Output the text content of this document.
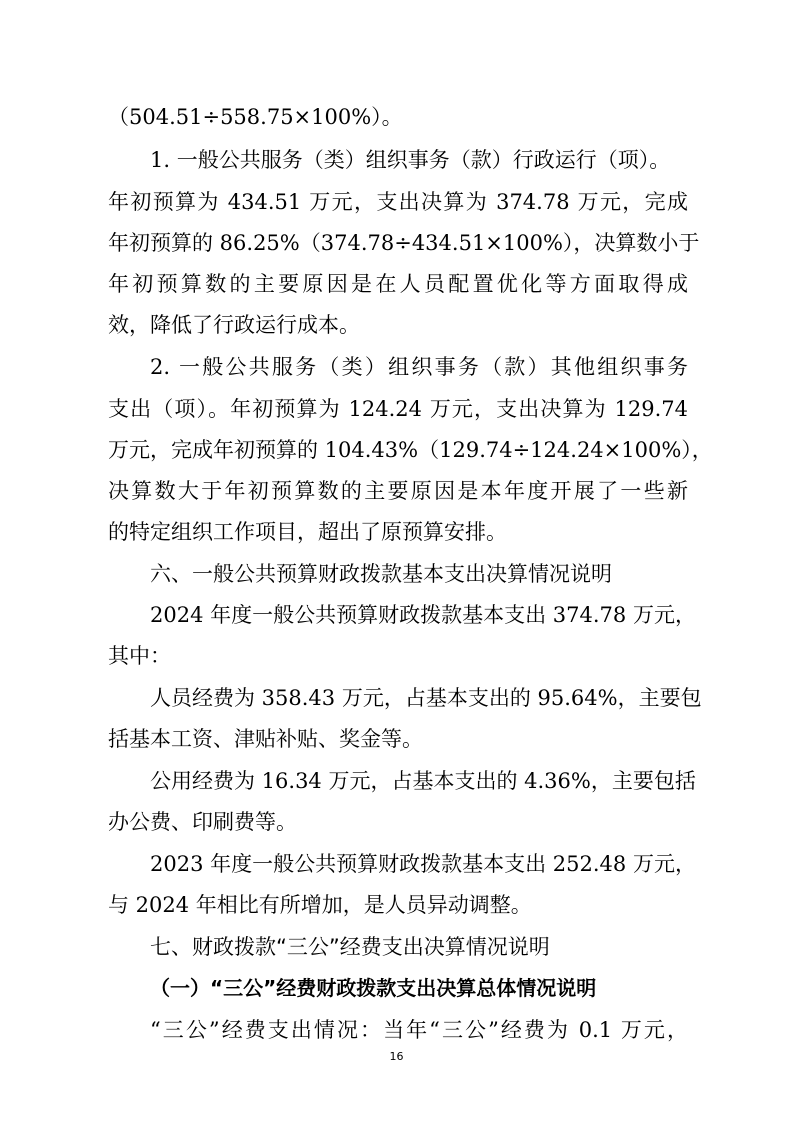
（504.51÷558.75×100%）。
1. 一般公共服务（类）组织事务（款）行政运行（项）。
年初预算为 434.51 万元，支出决算为 374.78 万元，完成
年初预算的 86.25%（374.78÷434.51×100%），决算数小于
年初预算数的主要原因是在人员配置优化等方面取得成
效，降低了行政运行成本。
2. 一般公共服务（类）组织事务（款）其他组织事务
支出（项）。年初预算为 124.24 万元，支出决算为 129.74
万元，完成年初预算的 104.43%（129.74÷124.24×100%），
决算数大于年初预算数的主要原因是本年度开展了一些新
的特定组织工作项目，超出了原预算安排。
六、一般公共预算财政拨款基本支出决算情况说明
2024 年度一般公共预算财政拨款基本支出 374.78 万元，
其中：
人员经费为 358.43 万元，占基本支出的 95.64%，主要包
括基本工资、津贴补贴、奖金等。
公用经费为 16.34 万元，占基本支出的 4.36%，主要包括
办公费、印刷费等。
2023 年度一般公共预算财政拨款基本支出 252.48 万元，
与 2024 年相比有所增加，是人员异动调整。
七、财政拨款“三公”经费支出决算情况说明
（一）“三公”经费财政拨款支出决算总体情况说明
“三公”经费支出情况：当年“三公”经费为 0.1 万元，
16
